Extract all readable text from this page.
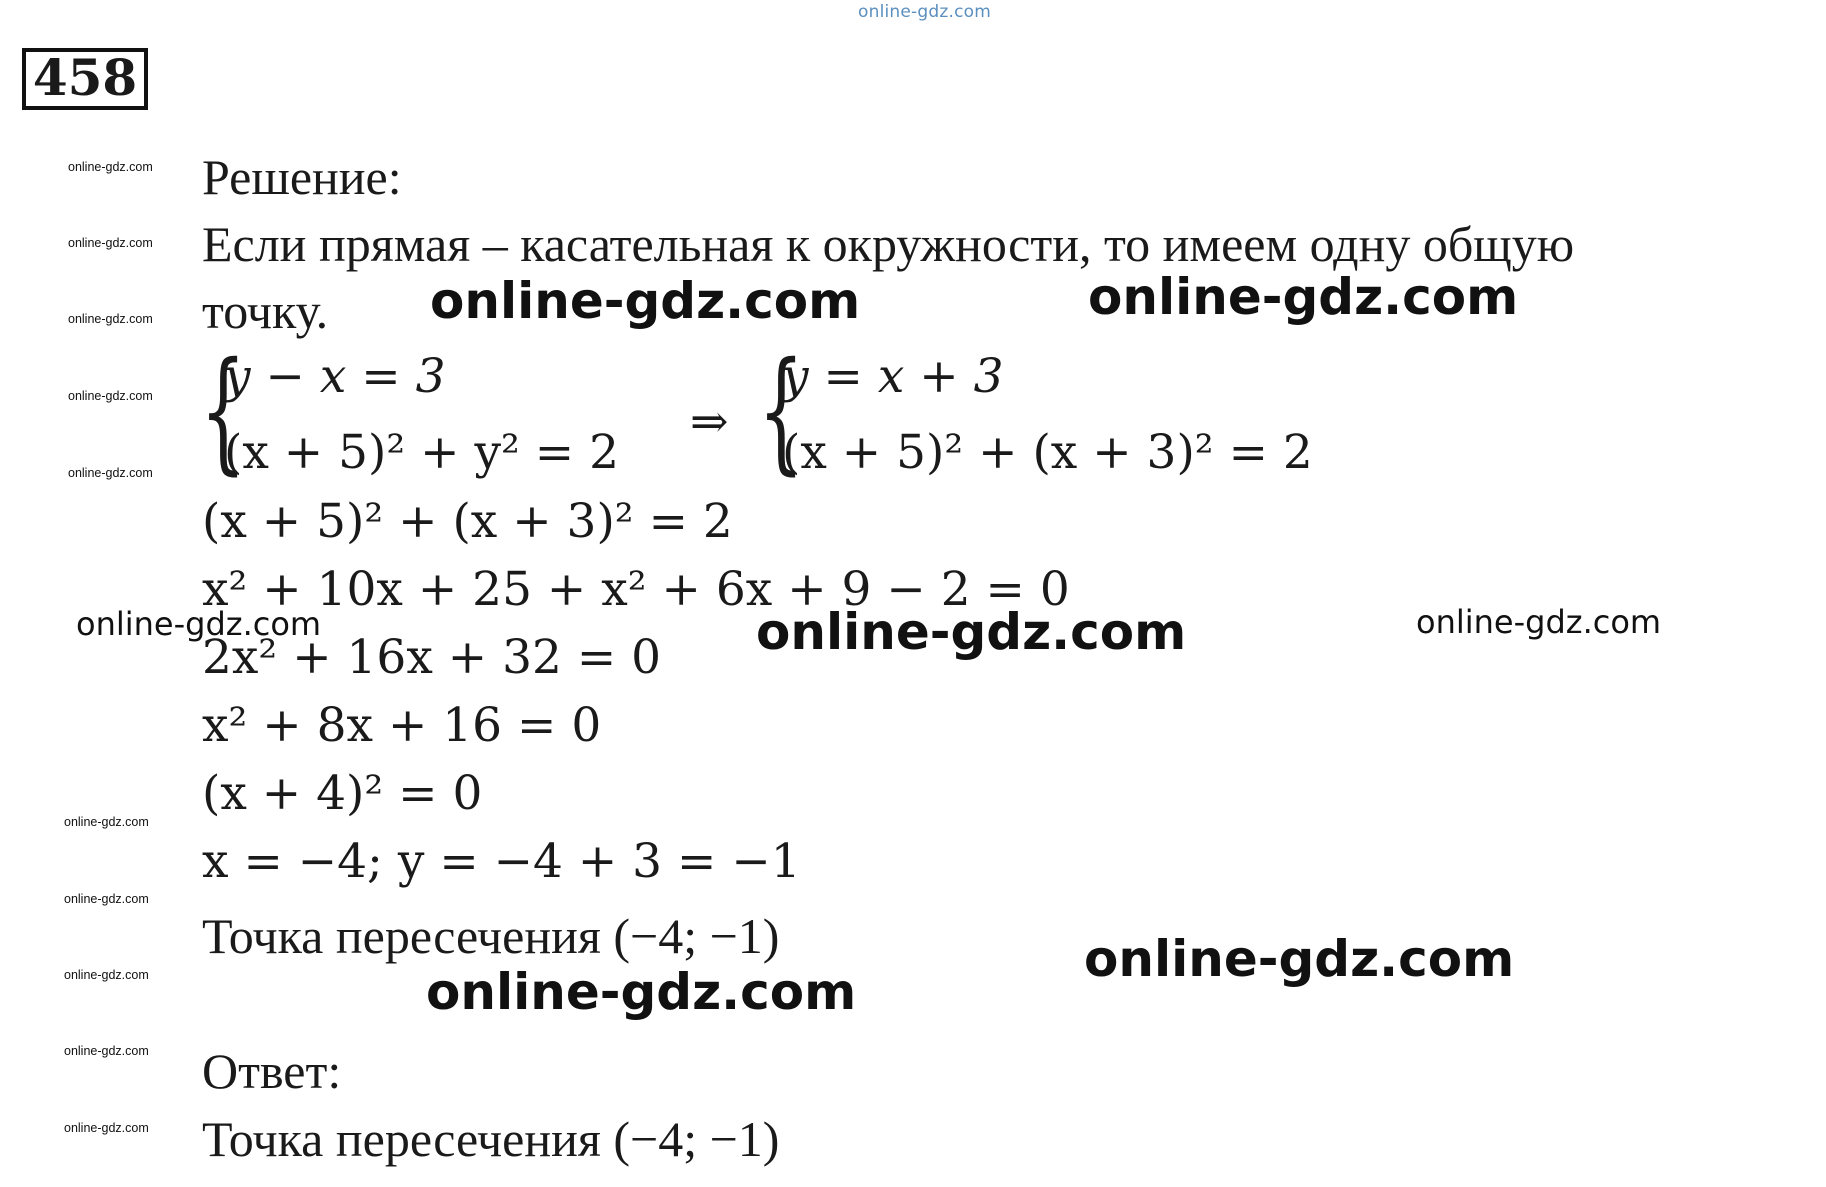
online-gdz.com
458
online-gdz.com
online-gdz.com
online-gdz.com
online-gdz.com
online-gdz.com
online-gdz.com
online-gdz.com
online-gdz.com
online-gdz.com
online-gdz.com
online-gdz.com	online-gdz.com
Решение:
Если прямая – касательная к окружности, то имеем одну общую
точку.
{
y − x = 3
(x + 5)² + y² = 2
⇒ {
y = x + 3
(x + 5)² + (x + 3)² = 2
(x + 5)² + (x + 3)² = 2
x² + 10x + 25 + x² + 6x + 9 − 2 = 0
2x² + 16x + 32 = 0
x² + 8x + 16 = 0
(x + 4)² = 0
x = −4; y = −4 + 3 = −1
Точка пересечения (−4; −1)
Ответ:
Точка пересечения (−4; −1)
online-gdz.com	online-gdz.com
online-gdz.com
online-gdz.com
online-gdz.com
